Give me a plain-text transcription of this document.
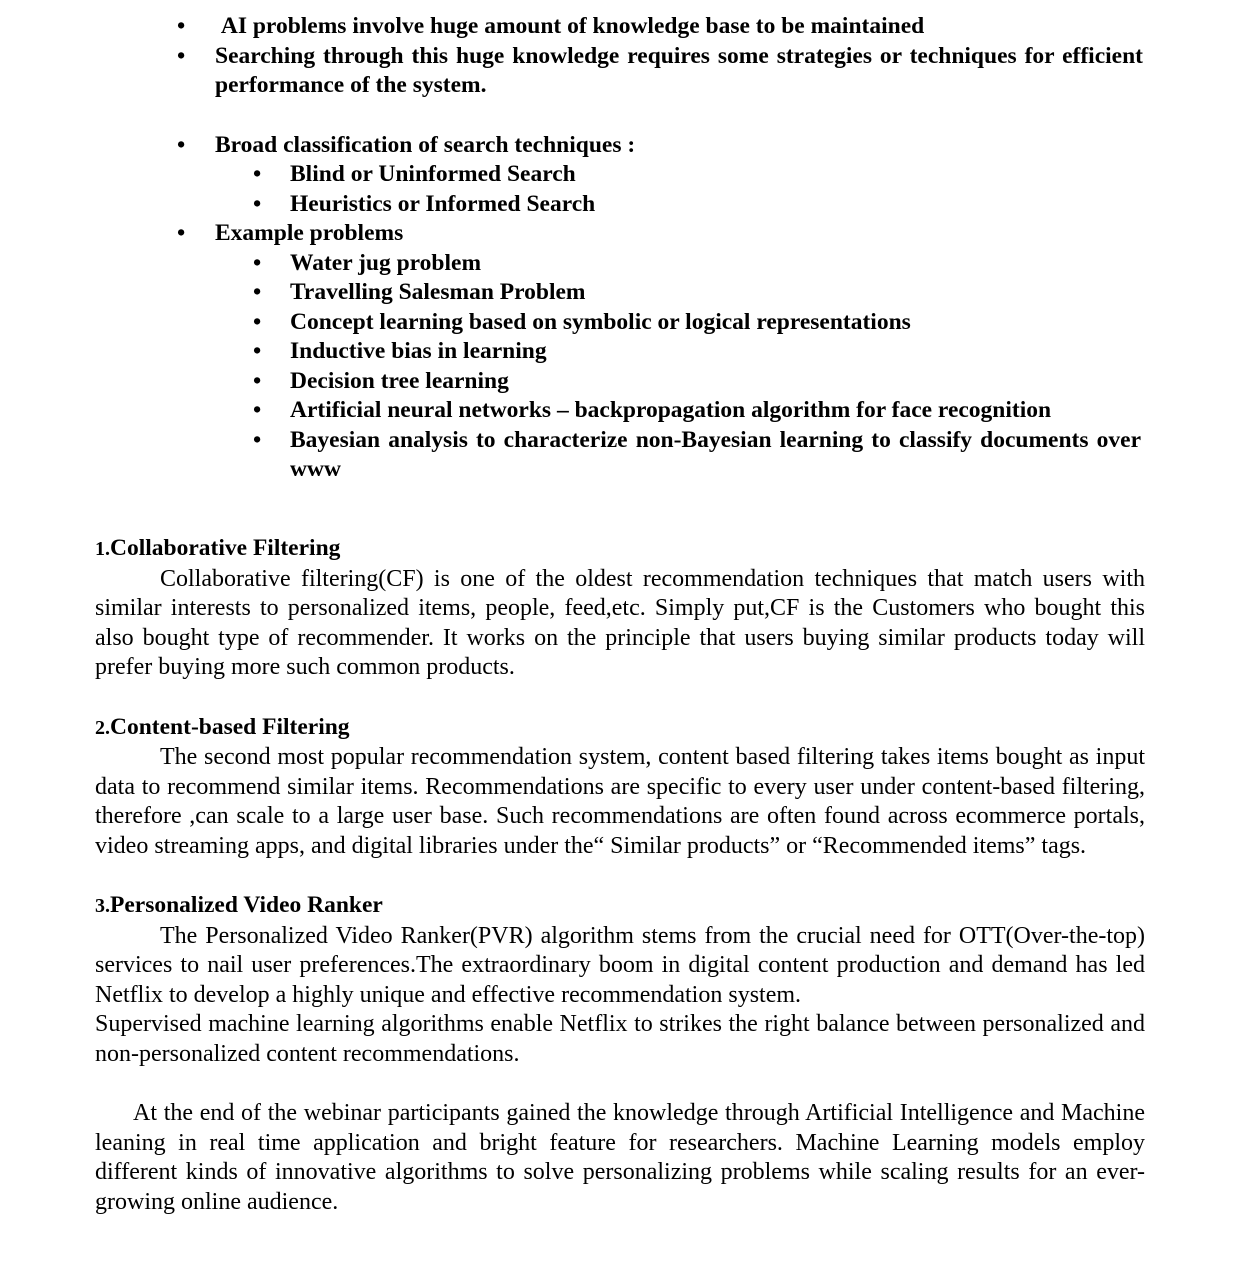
• AI problems involve huge amount of knowledge base to be maintained

• Searching through this huge knowledge requires some strategies or techniques for efficient performance of the system.

• Broad classification of search techniques :

• Blind or Uninformed Search

• Heuristics or Informed Search

• Example problems

• Water jug problem

• Travelling Salesman Problem

• Concept learning based on symbolic or logical representations

• Inductive bias in learning

• Decision tree learning

• Artificial neural networks – backpropagation algorithm for face recognition

• Bayesian analysis to characterize non-Bayesian learning to classify documents over www

1.Collaborative Filtering

Collaborative filtering(CF) is one of the oldest recommendation techniques that match users with similar interests to personalized items, people, feed,etc. Simply put,CF is the Customers who bought this also bought type of recommender. It works on the principle that users buying similar products today will prefer buying more such common products.

2.Content-based Filtering

The second most popular recommendation system, content based filtering takes items bought as input data to recommend similar items. Recommendations are specific to every user under content-based filtering, therefore ,can scale to a large user base. Such recommendations are often found across ecommerce portals, video streaming apps, and digital libraries under the“ Similar products” or “Recommended items” tags.

3.Personalized Video Ranker

The Personalized Video Ranker(PVR) algorithm stems from the crucial need for OTT(Over-the-top) services to nail user preferences.The extraordinary boom in digital content production and demand has led Netflix to develop a highly unique and effective recommendation system.

Supervised machine learning algorithms enable Netflix to strikes the right balance between personalized and non-personalized content recommendations.

At the end of the webinar participants gained the knowledge through Artificial Intelligence and Machine leaning in real time application and bright feature for researchers. Machine Learning models employ different kinds of innovative algorithms to solve personalizing problems while scaling results for an ever-growing online audience.
